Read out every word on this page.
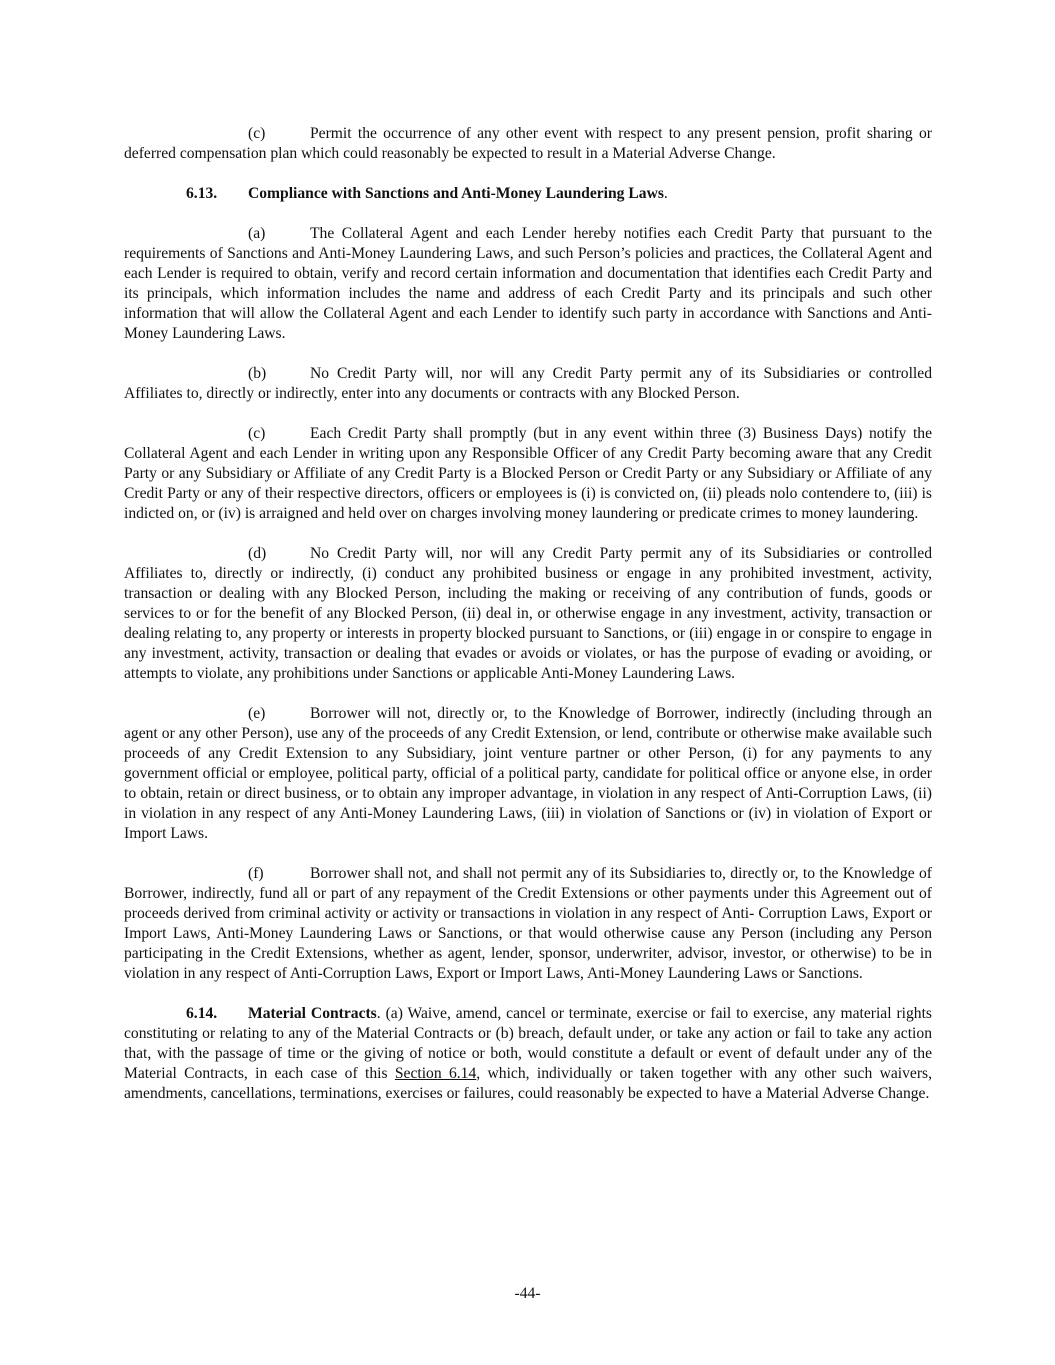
(c)	Permit the occurrence of any other event with respect to any present pension, profit sharing or deferred compensation plan which could reasonably be expected to result in a Material Adverse Change.

6.13. Compliance with Sanctions and Anti-Money Laundering Laws.

(a)	The Collateral Agent and each Lender hereby notifies each Credit Party that pursuant to the requirements of Sanctions and Anti-Money Laundering Laws, and such Person’s policies and practices, the Collateral Agent and each Lender is required to obtain, verify and record certain information and documentation that identifies each Credit Party and its principals, which information includes the name and address of each Credit Party and its principals and such other information that will allow the Collateral Agent and each Lender to identify such party in accordance with Sanctions and Anti-Money Laundering Laws.

(b)	No Credit Party will, nor will any Credit Party permit any of its Subsidiaries or controlled Affiliates to, directly or indirectly, enter into any documents or contracts with any Blocked Person.

(c)	Each Credit Party shall promptly (but in any event within three (3) Business Days) notify the Collateral Agent and each Lender in writing upon any Responsible Officer of any Credit Party becoming aware that any Credit Party or any Subsidiary or Affiliate of any Credit Party is a Blocked Person or Credit Party or any Subsidiary or Affiliate of any Credit Party or any of their respective directors, officers or employees is (i) is convicted on, (ii) pleads nolo contendere to, (iii) is indicted on, or (iv) is arraigned and held over on charges involving money laundering or predicate crimes to money laundering.

(d)	No Credit Party will, nor will any Credit Party permit any of its Subsidiaries or controlled Affiliates to, directly or indirectly, (i) conduct any prohibited business or engage in any prohibited investment, activity, transaction or dealing with any Blocked Person, including the making or receiving of any contribution of funds, goods or services to or for the benefit of any Blocked Person, (ii) deal in, or otherwise engage in any investment, activity, transaction or dealing relating to, any property or interests in property blocked pursuant to Sanctions, or (iii) engage in or conspire to engage in any investment, activity, transaction or dealing that evades or avoids or violates, or has the purpose of evading or avoiding, or attempts to violate, any prohibitions under Sanctions or applicable Anti-Money Laundering Laws.

(e)	Borrower will not, directly or, to the Knowledge of Borrower, indirectly (including through an agent or any other Person), use any of the proceeds of any Credit Extension, or lend, contribute or otherwise make available such proceeds of any Credit Extension to any Subsidiary, joint venture partner or other Person, (i) for any payments to any government official or employee, political party, official of a political party, candidate for political office or anyone else, in order to obtain, retain or direct business, or to obtain any improper advantage, in violation in any respect of Anti-Corruption Laws, (ii) in violation in any respect of any Anti-Money Laundering Laws, (iii) in violation of Sanctions or (iv) in violation of Export or Import Laws.

(f)	Borrower shall not, and shall not permit any of its Subsidiaries to, directly or, to the Knowledge of Borrower, indirectly, fund all or part of any repayment of the Credit Extensions or other payments under this Agreement out of proceeds derived from criminal activity or activity or transactions in violation in any respect of Anti- Corruption Laws, Export or Import Laws, Anti-Money Laundering Laws or Sanctions, or that would otherwise cause any Person (including any Person participating in the Credit Extensions, whether as agent, lender, sponsor, underwriter, advisor, investor, or otherwise) to be in violation in any respect of Anti-Corruption Laws, Export or Import Laws, Anti-Money Laundering Laws or Sanctions.

6.14. Material Contracts. (a) Waive, amend, cancel or terminate, exercise or fail to exercise, any material rights constituting or relating to any of the Material Contracts or (b) breach, default under, or take any action or fail to take any action that, with the passage of time or the giving of notice or both, would constitute a default or event of default under any of the Material Contracts, in each case of this Section 6.14, which, individually or taken together with any other such waivers, amendments, cancellations, terminations, exercises or failures, could reasonably be expected to have a Material Adverse Change.

-44-
